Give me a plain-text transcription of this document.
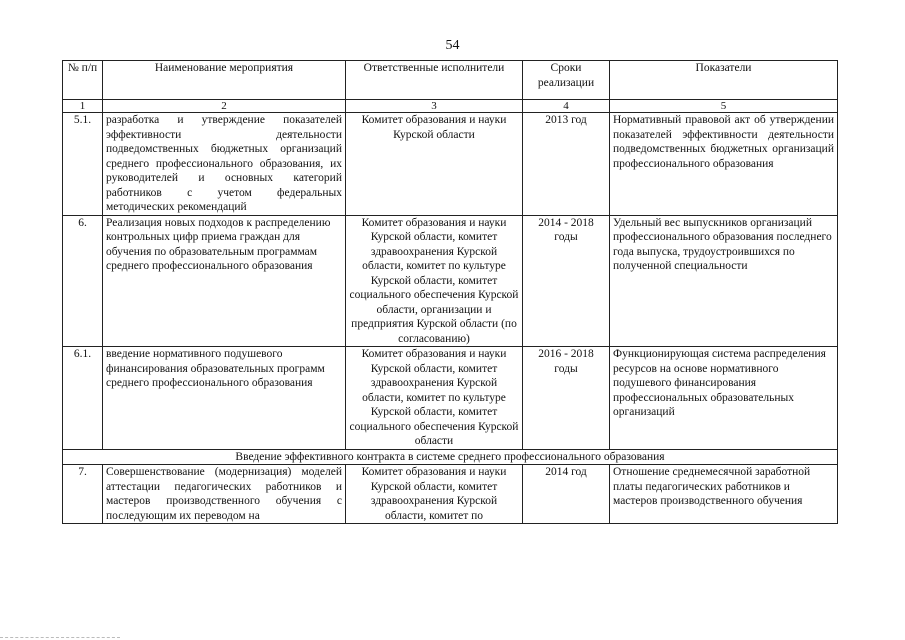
54
№ п/п	Наименование мероприятия	Ответственные исполнители	Сроки реализации	Показатели
1	2	3	4	5
5.1.	разработка и утверждение показателей эффективности деятельности подведомственных бюджетных организаций среднего профессионального образования, их руководителей и основных категорий работников с учетом федеральных методических рекомендаций	Комитет образования и науки Курской области	2013 год	Нормативный правовой акт об утверждении показателей эффективности деятельности подведомственных бюджетных организаций профессионального образования
6.	Реализация новых подходов к распределению контрольных цифр приема граждан для обучения по образовательным программам среднего профессионального образования	Комитет образования и науки Курской области, комитет здравоохранения Курской области, комитет по культуре Курской области, комитет социального обеспечения Курской области, организации и предприятия Курской области (по согласованию)	2014 - 2018 годы	Удельный вес выпускников организаций профессионального образования последнего года выпуска, трудоустроившихся по полученной специальности
6.1.	введение нормативного подушевого финансирования образовательных программ среднего профессионального образования	Комитет образования и науки Курской области, комитет здравоохранения Курской области, комитет по культуре Курской области, комитет социального обеспечения Курской области	2016 - 2018 годы	Функционирующая система распределения ресурсов на основе нормативного подушевого финансирования профессиональных образовательных организаций
Введение эффективного контракта в системе среднего профессионального образования				

7.	Совершенствование (модернизация) моделей аттестации педагогических работников и мастеров производственного обучения с последующим их переводом на	Комитет образования и науки Курской области, комитет здравоохранения Курской области, комитет по	2014 год	Отношение среднемесячной заработной платы педагогических работников и мастеров производственного обучения
